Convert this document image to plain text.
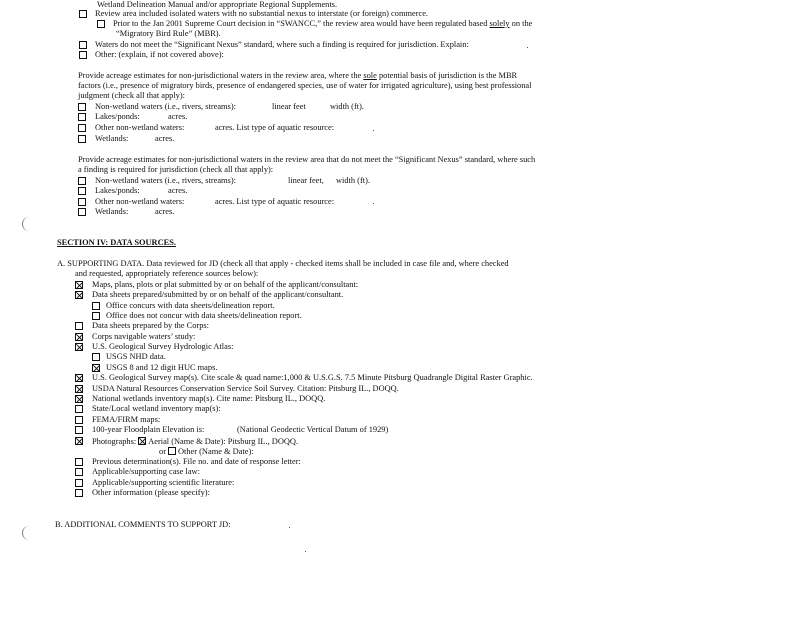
Wetland Delineation Manual and/or appropriate Regional Supplements.
Review area included isolated waters with no substantial nexus to interstate (or foreign) commerce.
Prior to the Jan 2001 Supreme Court decision in “SWANCC,” the review area would have been regulated based solely on the
“Migratory Bird Rule” (MBR).
Waters do not meet the “Significant Nexus” standard, where such a finding is required for jurisdiction. Explain:
Other: (explain, if not covered above):
Provide acreage estimates for non-jurisdictional waters in the review area, where the sole potential basis of jurisdiction is the MBR
factors (i.e., presence of migratory birds, presence of endangered species, use of water for irrigated agriculture), using best professional
judgment (check all that apply):
Non-wetland waters (i.e., rivers, streams):	linear feet	width (ft).
Lakes/ponds:	acres.
Other non-wetland waters:	acres. List type of aquatic resource:
Wetlands:	acres.
Provide acreage estimates for non-jurisdictional waters in the review area that do not meet the “Significant Nexus” standard, where such
a finding is required for jurisdiction (check all that apply):
Non-wetland waters (i.e., rivers, streams):	linear feet, width (ft).
Lakes/ponds:	acres.
Other non-wetland waters:	acres. List type of aquatic resource:
Wetlands:	acres.
SECTION IV: DATA SOURCES.
A. SUPPORTING DATA. Data reviewed for JD (check all that apply - checked items shall be included in case file and, where checked
and requested, appropriately reference sources below):
Maps, plans, plots or plat submitted by or on behalf of the applicant/consultant:
Data sheets prepared/submitted by or on behalf of the applicant/consultant.
Office concurs with data sheets/delineation report.
Office does not concur with data sheets/delineation report.
Data sheets prepared by the Corps:
Corps navigable waters’ study:
U.S. Geological Survey Hydrologic Atlas:
USGS NHD data.
USGS 8 and 12 digit HUC maps.
U.S. Geological Survey map(s). Cite scale & quad name:1,000 & U.S.G.S. 7.5 Minute Pitsburg Quadrangle Digital Raster Graphic.
USDA Natural Resources Conservation Service Soil Survey. Citation: Pitsburg IL., DOQQ.
National wetlands inventory map(s). Cite name: Pitsburg IL., DOQQ.
State/Local wetland inventory map(s):
FEMA/FIRM maps:
100-year Floodplain Elevation is:	(National Geodectic Vertical Datum of 1929)
Photographs: Aerial (Name & Date): Pitsburg IL., DOQQ.
or Other (Name & Date):
Previous determination(s). File no. and date of response letter:
Applicable/supporting case law:
Applicable/supporting scientific literature:
Other information (please specify):
B. ADDITIONAL COMMENTS TO SUPPORT JD:
